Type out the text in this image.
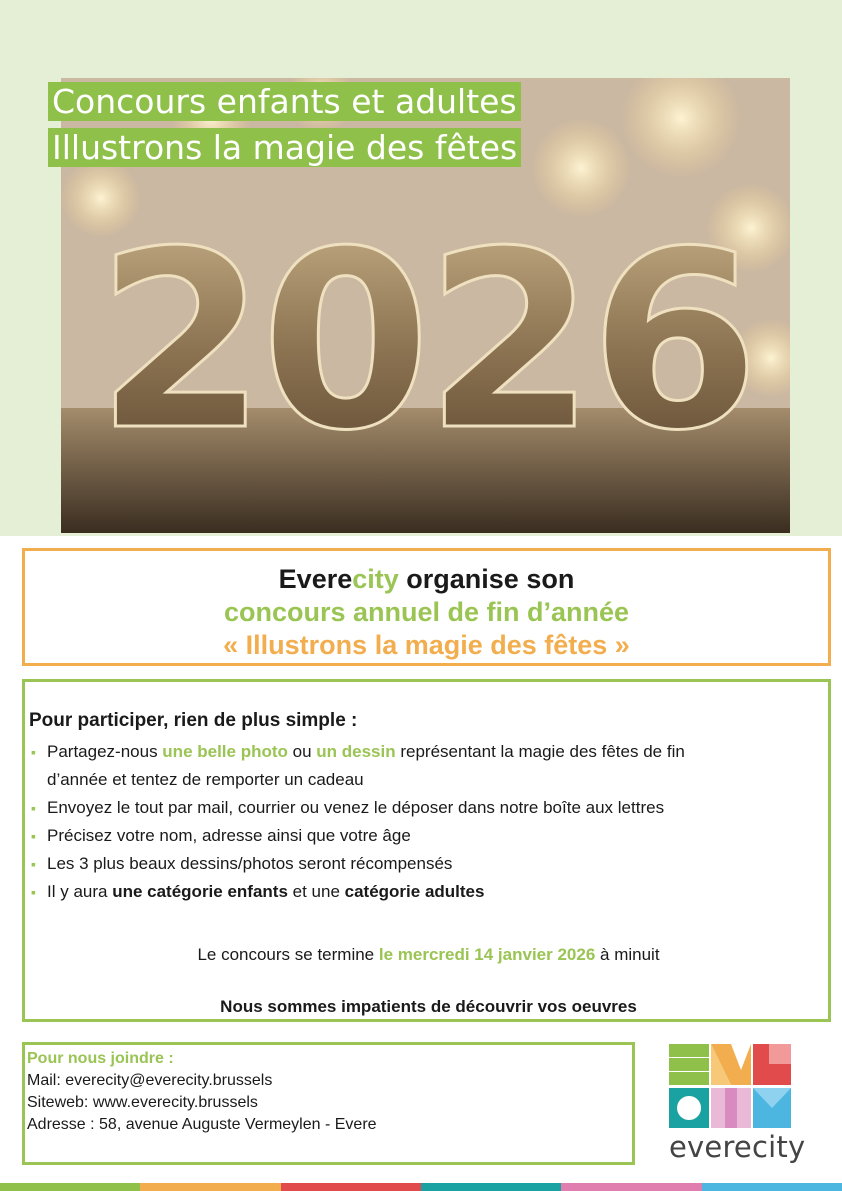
2026
Concours enfants et adultes
Illustrons la magie des fêtes
Everecity organise son
concours annuel de fin d’année
« Illustrons la magie des fêtes »
Pour participer, rien de plus simple :
▪ Partagez-nous une belle photo ou un dessin représentant la magie des fêtes de fin
d’année et tentez de remporter un cadeau
▪ Envoyez le tout par mail, courrier ou venez le déposer dans notre boîte aux lettres
▪ Précisez votre nom, adresse ainsi que votre âge
▪ Les 3 plus beaux dessins/photos seront récompensés
▪ Il y aura une catégorie enfants et une catégorie adultes

Le concours se termine le mercredi 14 janvier 2026 à minuit

Nous sommes impatients de découvrir vos oeuvres

Pour nous joindre :
Mail: everecity@everecity.brussels
Siteweb: www.everecity.brussels
Adresse : 58, avenue Auguste Vermeylen - Evere
everecity
